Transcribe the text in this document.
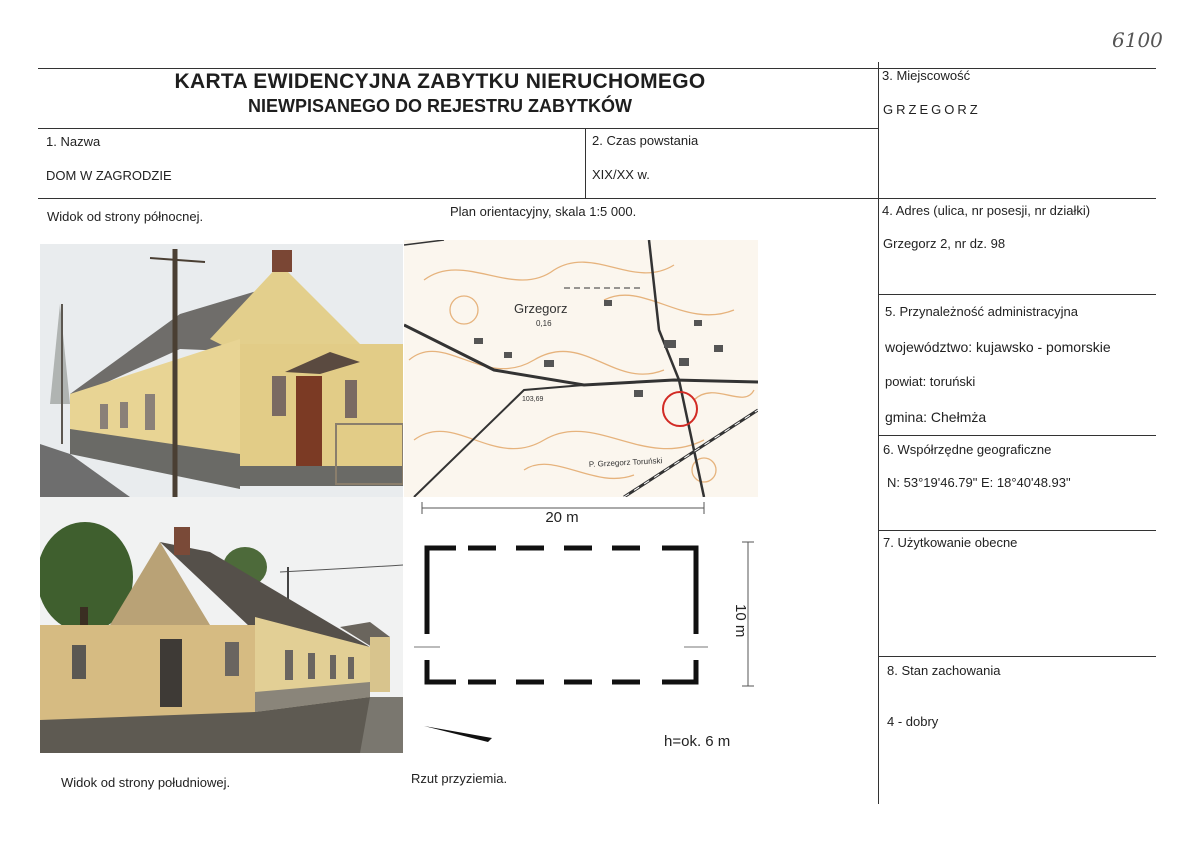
6100
KARTA EWIDENCYJNA ZABYTKU NIERUCHOMEGO
NIEWPISANEGO DO REJESTRU ZABYTKÓW
1. Nazwa
DOM W ZAGRODZIE
2. Czas powstania
XIX/XX w.
3. Miejscowość
GRZEGORZ
4. Adres (ulica, nr posesji, nr działki)
Grzegorz 2, nr dz. 98
5. Przynależność administracyjna
województwo: kujawsko - pomorskie
powiat: toruński
gmina: Chełmża
6. Współrzędne geograficzne
N: 53°19'46.79" E: 18°40'48.93"
7. Użytkowanie obecne
8. Stan zachowania
4 - dobry
Widok od strony północnej.	Plan orientacyjny, skala 1:5 000.
Widok od strony południowej.	Rzut przyziemia.
Grzegorz
0,16
103,69
P. Grzegorz Toruński
20 m
10 m
h=ok. 6 m
